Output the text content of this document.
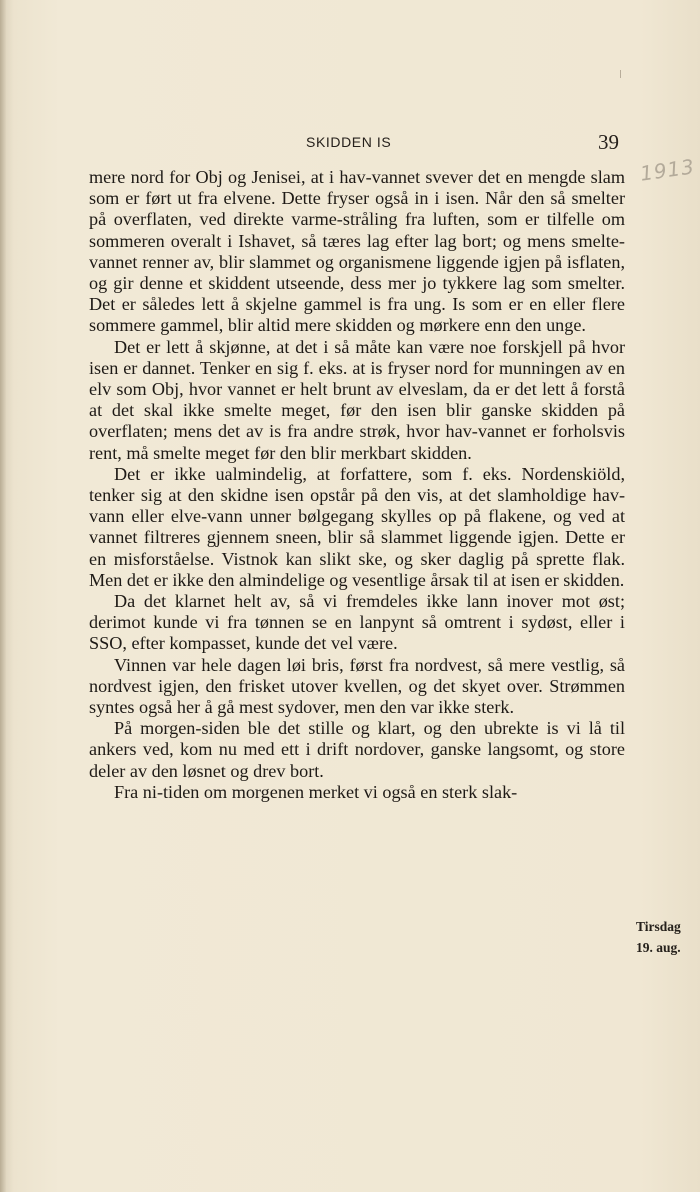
SKIDDEN IS	39
1913

mere nord for Obj og Jenisei, at i hav-vannet svever det en mengde slam som er ført ut fra elvene. Dette fryser også in i isen. Når den så smelter på overflaten, ved direkte varme-stråling fra luften, som er tilfelle om sommeren overalt i Ishavet, så tæres lag efter lag bort; og mens smelte-vannet renner av, blir slammet og organismene liggende igjen på isflaten, og gir denne et skiddent utseende, dess mer jo tykkere lag som smelter. Det er således lett å skjelne gammel is fra ung. Is som er en eller flere sommere gammel, blir altid mere skidden og mørkere enn den unge.

Det er lett å skjønne, at det i så måte kan være noe forskjell på hvor isen er dannet. Tenker en sig f. eks. at is fryser nord for munningen av en elv som Obj, hvor vannet er helt brunt av elveslam, da er det lett å forstå at det skal ikke smelte meget, før den isen blir ganske skidden på overflaten; mens det av is fra andre strøk, hvor hav-vannet er forholsvis rent, må smelte meget før den blir merkbart skidden.

Det er ikke ualmindelig, at forfattere, som f. eks. Nordenskiöld, tenker sig at den skidne isen opstår på den vis, at det slamholdige hav-vann eller elve-vann unner bølgegang skylles op på flakene, og ved at vannet filtreres gjennem sneen, blir så slammet liggende igjen. Dette er en misforståelse. Vistnok kan slikt ske, og sker daglig på sprette flak. Men det er ikke den almindelige og vesentlige årsak til at isen er skidden.

Da det klarnet helt av, så vi fremdeles ikke lann inover mot øst; derimot kunde vi fra tønnen se en lanpynt så omtrent i sydøst, eller i SSO, efter kompasset, kunde det vel være.

Vinnen var hele dagen løi bris, først fra nordvest, så mere vestlig, så nordvest igjen, den frisket utover kvellen, og det skyet over. Strømmen syntes også her å gå mest sydover, men den var ikke sterk.

På morgen-siden ble det stille og klart, og den ubrekte is vi lå til ankers ved, kom nu med ett i drift nordover, ganske langsomt, og store deler av den løsnet og drev bort.

Fra ni-tiden om morgenen merket vi også en sterk slak-

Tirsdag
19. aug.
